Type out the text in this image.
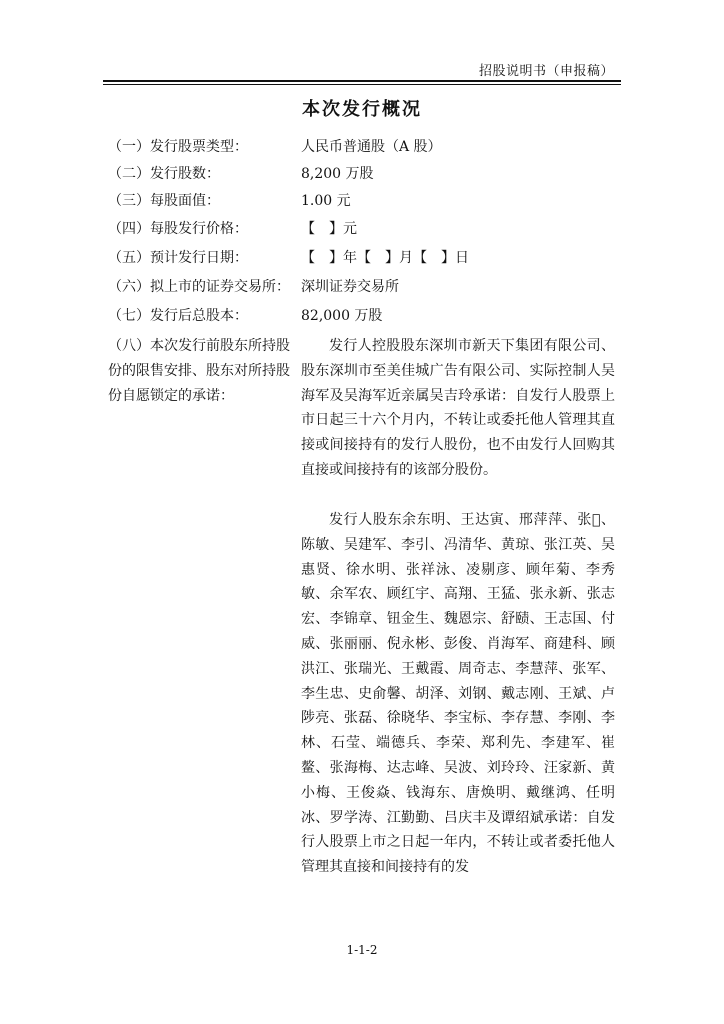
招股说明书（申报稿）
本次发行概况
（一）发行股票类型：	人民币普通股（A 股）
（二）发行股数：	8,200 万股
（三）每股面值：	1.00 元
（四）每股发行价格：	【　】元
（五）预计发行日期：	【　】年【　】月【　】日
（六）拟上市的证券交易所： 深圳证券交易所
（七）发行后总股本：	82,000 万股
（八）本次发行前股东所持股份的限售安排、股东对所持股份自愿锁定的承诺：
发行人控股股东深圳市新天下集团有限公司、股东深圳市至美佳城广告有限公司、实际控制人吴海军及吴海军近亲属吴吉玲承诺：自发行人股票上市日起三十六个月内，不转让或委托他人管理其直接或间接持有的发行人股份，也不由发行人回购其直接或间接持有的该部分股份。
发行人股东余东明、王达寅、邢萍萍、张𪸩、陈敏、吴建军、李引、冯清华、黄琼、张江英、吴惠贤、徐水明、张祥泳、凌剔彦、顾年菊、李秀敏、余军农、顾红宇、高翔、王猛、张永新、张志宏、李锦章、钮金生、魏恩宗、舒赜、王志国、付威、张丽丽、倪永彬、彭俊、肖海军、商建科、顾洪江、张瑞光、王戴霞、周奇志、李慧萍、张军、李生忠、史俞馨、胡泽、刘钢、戴志刚、王斌、卢陟亮、张磊、徐晓华、李宝标、李存慧、李刚、李林、石莹、端德兵、李荣、郑利先、李建军、崔鳌、张海梅、达志峰、吴波、刘玲玲、汪家新、黄小梅、王俊焱、钱海东、唐焕明、戴继鸿、任明冰、罗学涛、江勤勤、吕庆丰及谭绍斌承诺：自发行人股票上市之日起一年内，不转让或者委托他人管理其直接和间接持有的发
1-1-2
